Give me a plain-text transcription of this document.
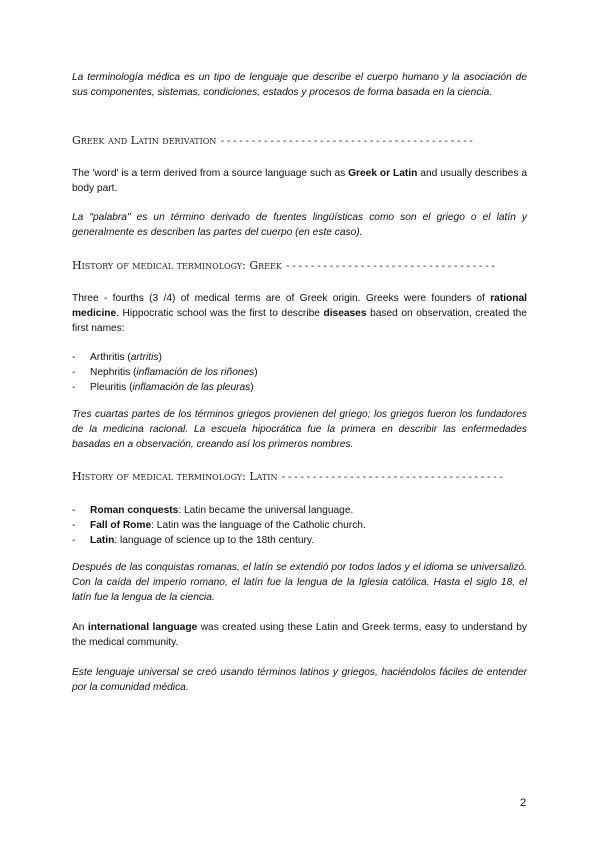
La terminología médica es un tipo de lenguaje que describe el cuerpo humano y la asociación de sus componentes, sistemas, condiciones, estados y procesos de forma basada en la ciencia.

Greek and Latin derivation -----------------------------------------

The 'word' is a term derived from a source language such as Greek or Latin and usually describes a body part.

La "palabra" es un término derivado de fuentes lingüísticas como son el griego o el latín y generalmente es describen las partes del cuerpo (en este caso).

History of medical terminology: Greek ----------------------------------

Three - fourths (3 /4) of medical terms are of Greek origin. Greeks were founders of rational medicine. Hippocratic school was the first to describe diseases based on observation, created the first names:

- Arthritis (artritis)
- Nephritis (inflamación de los riñones)
- Pleuritis (inflamación de las pleuras)

Tres cuartas partes de los términos griegos provienen del griego; los griegos fueron los fundadores de la medicina racional. La escuela hipocrática fue la primera en describir las enfermedades basadas en a observación, creando así los primeros nombres.

History of medical terminology: Latin ------------------------------------
- Roman conquests: Latin became the universal language.
- Fall of Rome: Latin was the language of the Catholic church.
- Latin: language of science up to the 18th century.

Después de las conquistas romanas, el latín se extendió por todos lados y el idioma se universalizó. Con la caída del imperio romano, el latín fue la lengua de la Iglesia católica. Hasta el siglo 18, el latín fue la lengua de la ciencia.

An international language was created using these Latin and Greek terms, easy to understand by the medical community.

Este lenguaje universal se creó usando términos latinos y griegos, haciéndolos fáciles de entender por la comunidad médica.

2
